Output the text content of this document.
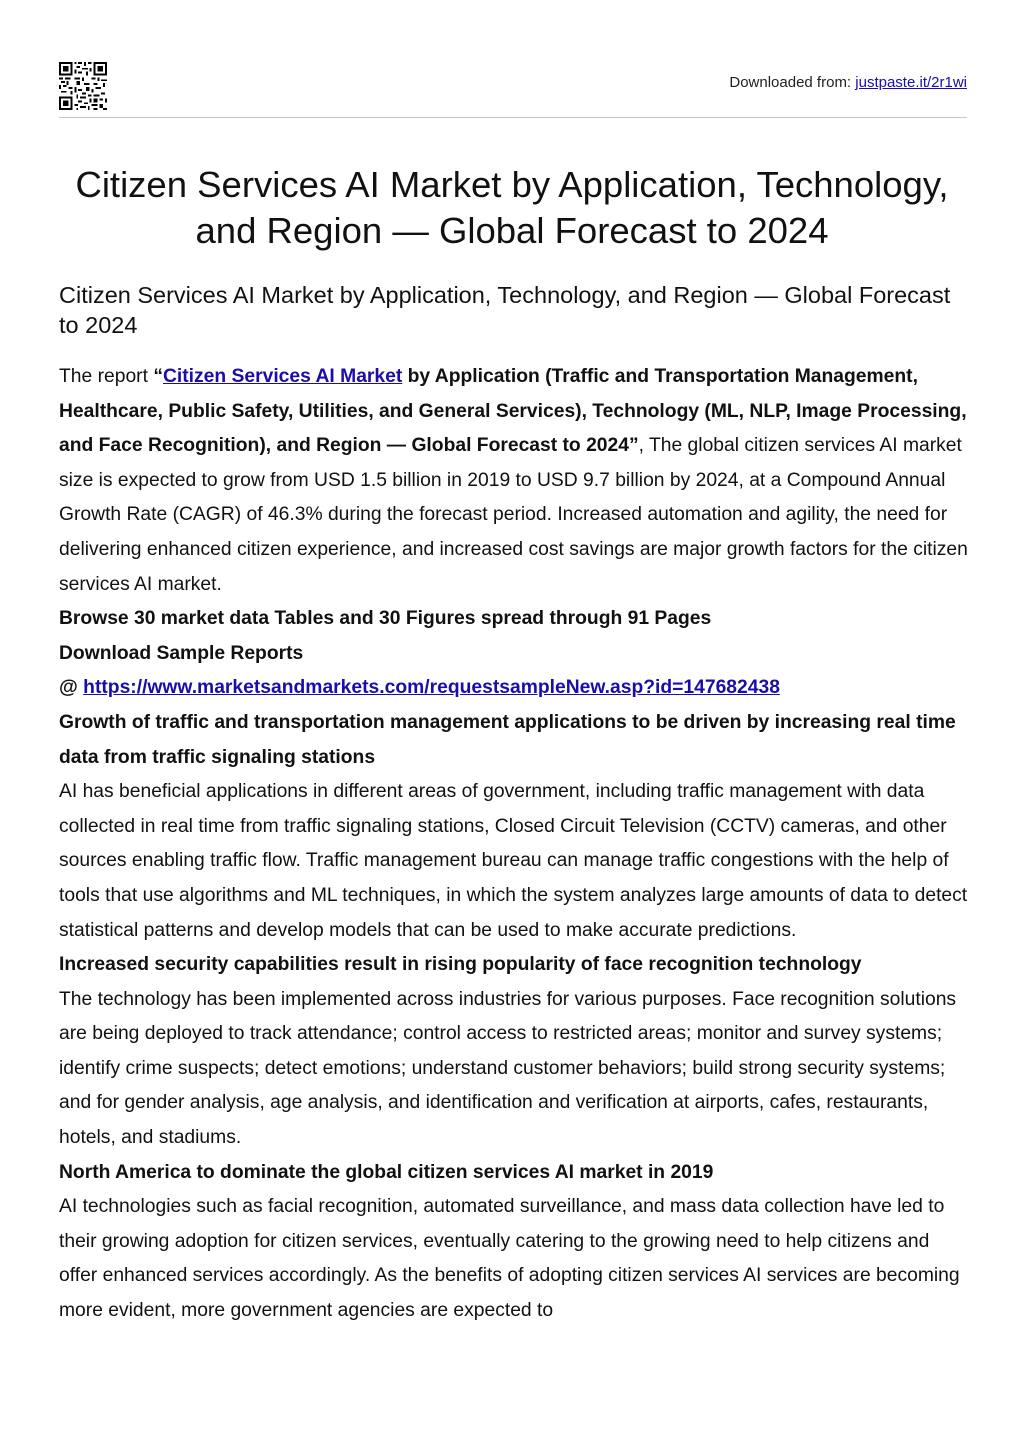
Downloaded from: justpaste.it/2r1wi
Citizen Services AI Market by Application, Technology, and Region — Global Forecast to 2024
Citizen Services AI Market by Application, Technology, and Region — Global Forecast to 2024

The report “Citizen Services AI Market by Application (Traffic and Transportation Management, Healthcare, Public Safety, Utilities, and General Services), Technology (ML, NLP, Image Processing, and Face Recognition), and Region — Global Forecast to 2024”, The global citizen services AI market size is expected to grow from USD 1.5 billion in 2019 to USD 9.7 billion by 2024, at a Compound Annual Growth Rate (CAGR) of 46.3% during the forecast period. Increased automation and agility, the need for delivering enhanced citizen experience, and increased cost savings are major growth factors for the citizen services AI market.

Browse 30 market data Tables and 30 Figures spread through 91 Pages

Download Sample Reports

@ https://www.marketsandmarkets.com/requestsampleNew.asp?id=147682438

Growth of traffic and transportation management applications to be driven by increasing real time data from traffic signaling stations

AI has beneficial applications in different areas of government, including traffic management with data collected in real time from traffic signaling stations, Closed Circuit Television (CCTV) cameras, and other sources enabling traffic flow. Traffic management bureau can manage traffic congestions with the help of tools that use algorithms and ML techniques, in which the system analyzes large amounts of data to detect statistical patterns and develop models that can be used to make accurate predictions.

Increased security capabilities result in rising popularity of face recognition technology

The technology has been implemented across industries for various purposes. Face recognition solutions are being deployed to track attendance; control access to restricted areas; monitor and survey systems; identify crime suspects; detect emotions; understand customer behaviors; build strong security systems; and for gender analysis, age analysis, and identification and verification at airports, cafes, restaurants, hotels, and stadiums.

North America to dominate the global citizen services AI market in 2019

AI technologies such as facial recognition, automated surveillance, and mass data collection have led to their growing adoption for citizen services, eventually catering to the growing need to help citizens and offer enhanced services accordingly. As the benefits of adopting citizen services AI services are becoming more evident, more government agencies are expected to
